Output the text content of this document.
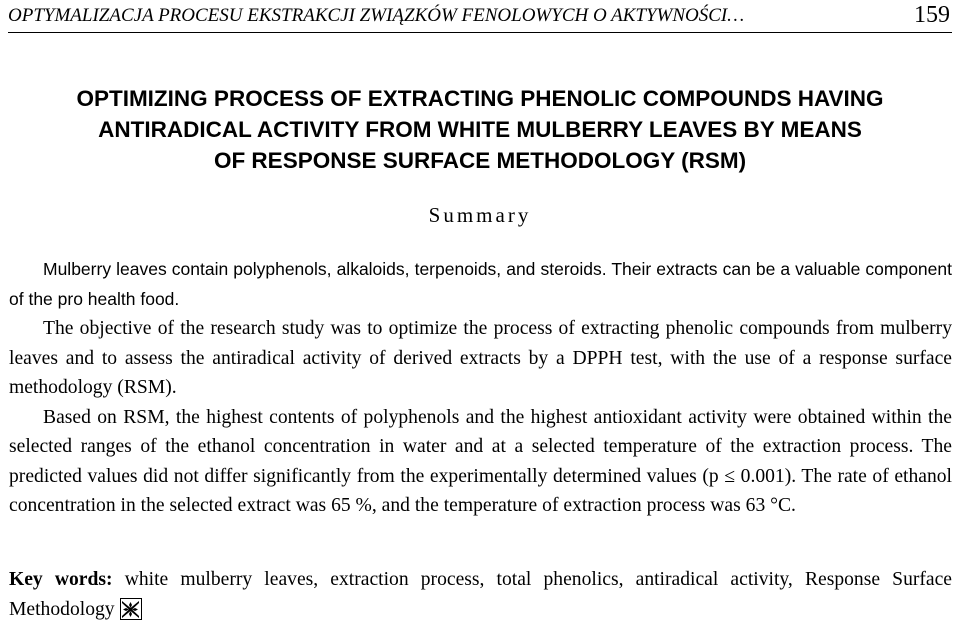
OPTYMALIZACJA PROCESU EKSTRAKCJI ZWIĄZKÓW FENOLOWYCH O AKTYWNOŚCI…	159
OPTIMIZING PROCESS OF EXTRACTING PHENOLIC COMPOUNDS HAVING
ANTIRADICAL ACTIVITY FROM WHITE MULBERRY LEAVES BY MEANS
OF RESPONSE SURFACE METHODOLOGY (RSM)
Summary

Mulberry leaves contain polyphenols, alkaloids, terpenoids, and steroids. Their extracts can be a valuable component of the pro health food.

The objective of the research study was to optimize the process of extracting phenolic compounds from mulberry leaves and to assess the antiradical activity of derived extracts by a DPPH test, with the use of a response surface methodology (RSM).

Based on RSM, the highest contents of polyphenols and the highest antioxidant activity were obtained within the selected ranges of the ethanol concentration in water and at a selected temperature of the extraction process. The predicted values did not differ significantly from the experimentally determined values (p ≤ 0.001). The rate of ethanol concentration in the selected extract was 65 %, and the temperature of extraction process was 63 °C.

Key words: white mulberry leaves, extraction process, total phenolics, antiradical activity, Response Surface Methodology
